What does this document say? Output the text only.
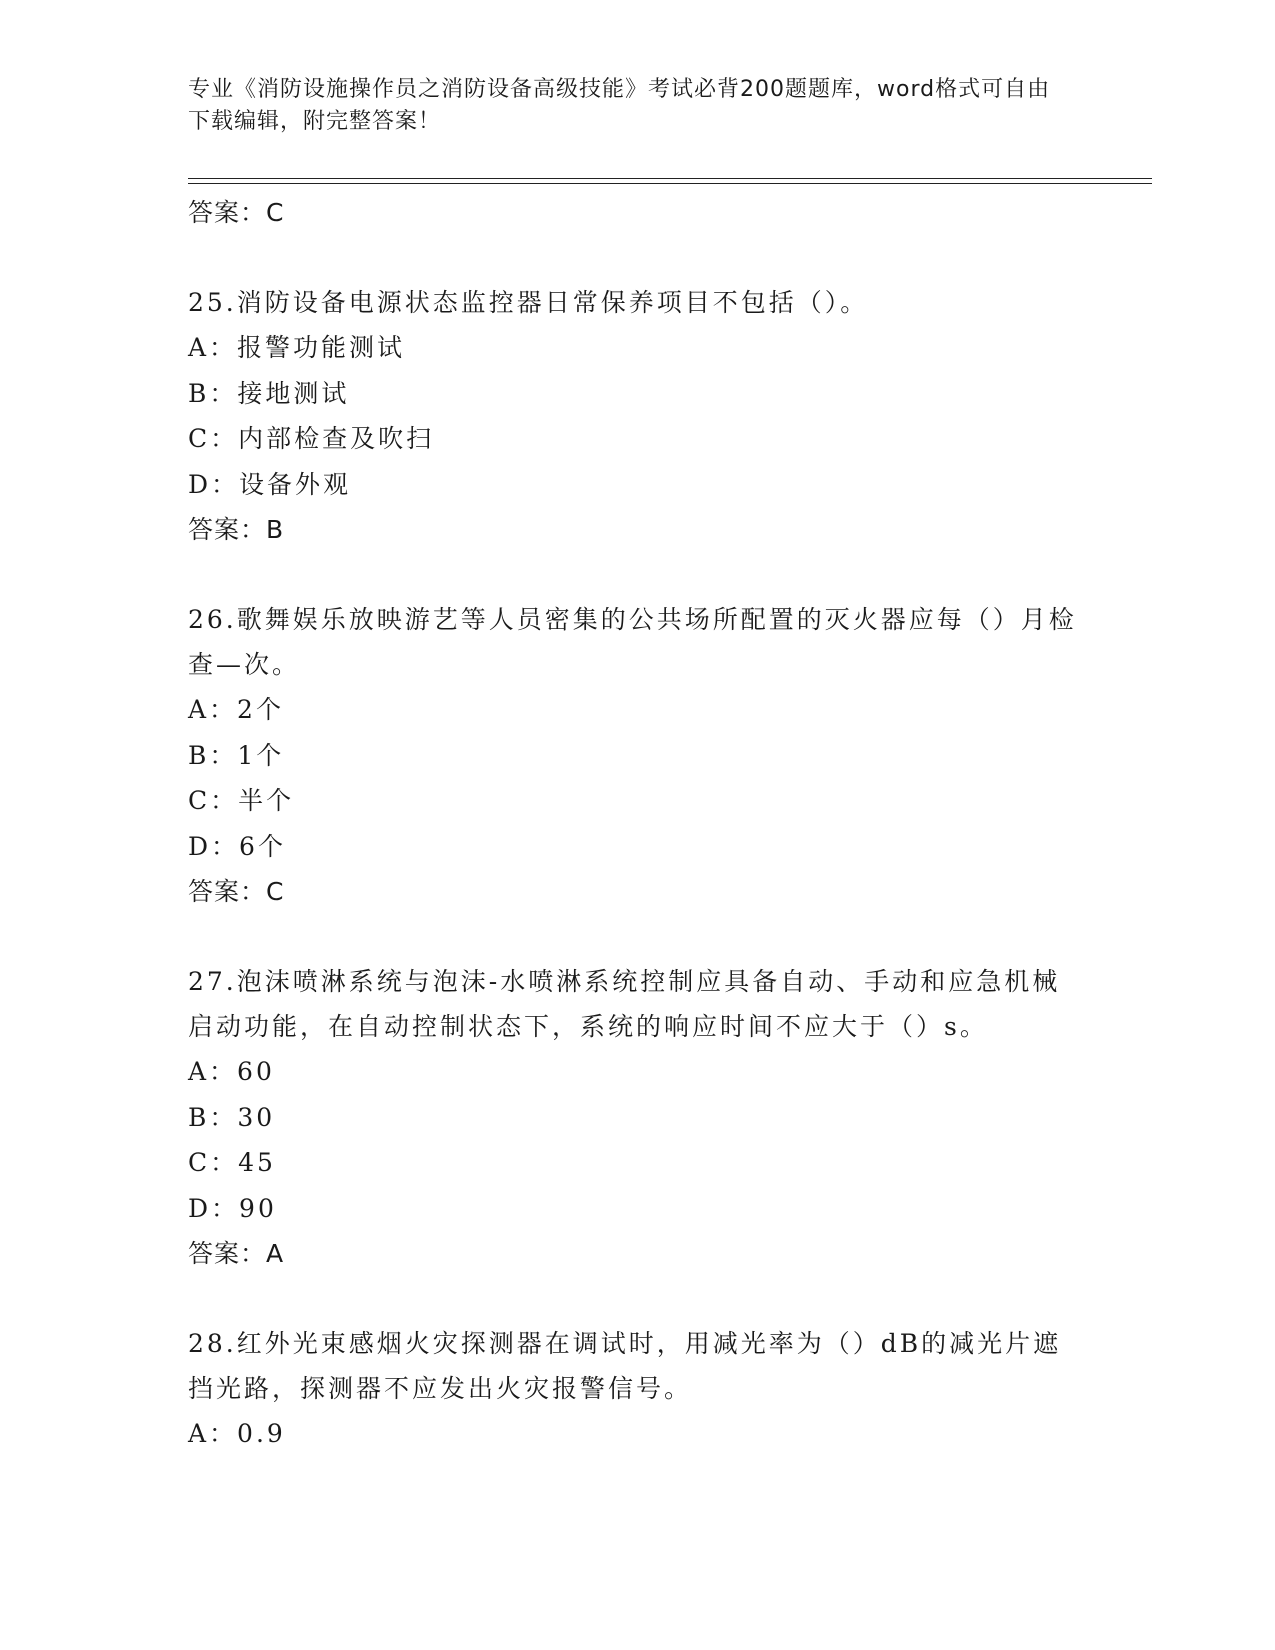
专业《消防设施操作员之消防设备高级技能》考试必背200题题库，word格式可自由下载编辑，附完整答案！
答案：C
25.消防设备电源状态监控器日常保养项目不包括（）。
A：报警功能测试
B：接地测试
C：内部检查及吹扫
D：设备外观
答案：B
26.歌舞娱乐放映游艺等人员密集的公共场所配置的灭火器应每（）月检查—次。
A：2个
B：1个
C：半个
D：6个
答案：C
27.泡沫喷淋系统与泡沫-水喷淋系统控制应具备自动、手动和应急机械启动功能，在自动控制状态下，系统的响应时间不应大于（）s。
A：60
B：30
C：45
D：90
答案：A
28.红外光束感烟火灾探测器在调试时，用减光率为（）dB的减光片遮挡光路，探测器不应发出火灾报警信号。
A：0.9
